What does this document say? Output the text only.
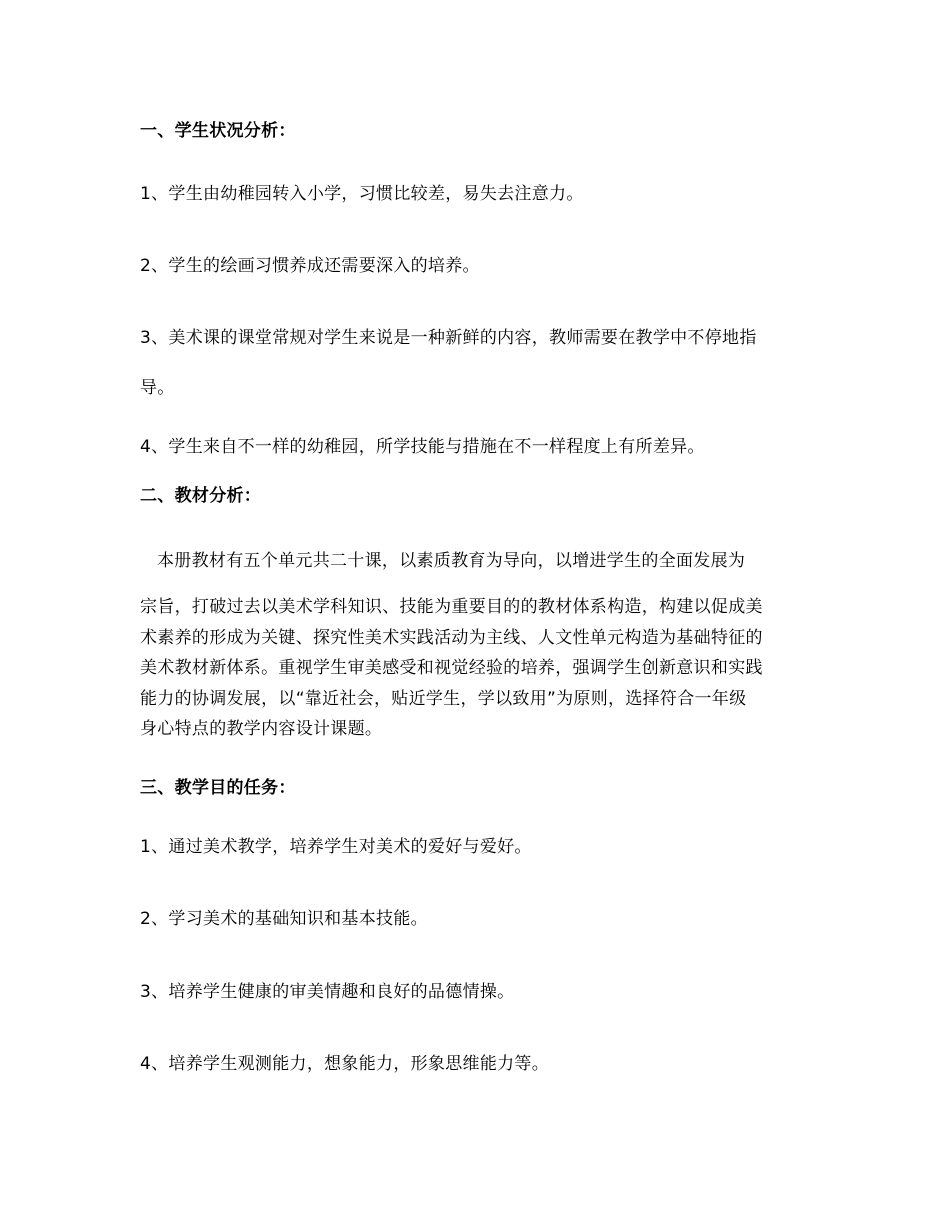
一、学生状况分析：
1、学生由幼稚园转入小学，习惯比较差，易失去注意力。
2、学生的绘画习惯养成还需要深入的培养。
3、美术课的课堂常规对学生来说是一种新鲜的内容，教师需要在教学中不停地指
导。
4、学生来自不一样的幼稚园，所学技能与措施在不一样程度上有所差异。
二、教材分析：
本册教材有五个单元共二十课，以素质教育为导向，以增进学生的全面发展为
宗旨，打破过去以美术学科知识、技能为重要目的的教材体系构造，构建以促成美
术素养的形成为关键、探究性美术实践活动为主线、人文性单元构造为基础特征的
美术教材新体系。重视学生审美感受和视觉经验的培养，强调学生创新意识和实践
能力的协调发展，以“靠近社会，贴近学生，学以致用”为原则，选择符合一年级
身心特点的教学内容设计课题。
三、教学目的任务：
1、通过美术教学，培养学生对美术的爱好与爱好。
2、学习美术的基础知识和基本技能。
3、培养学生健康的审美情趣和良好的品德情操。
4、培养学生观测能力，想象能力，形象思维能力等。
